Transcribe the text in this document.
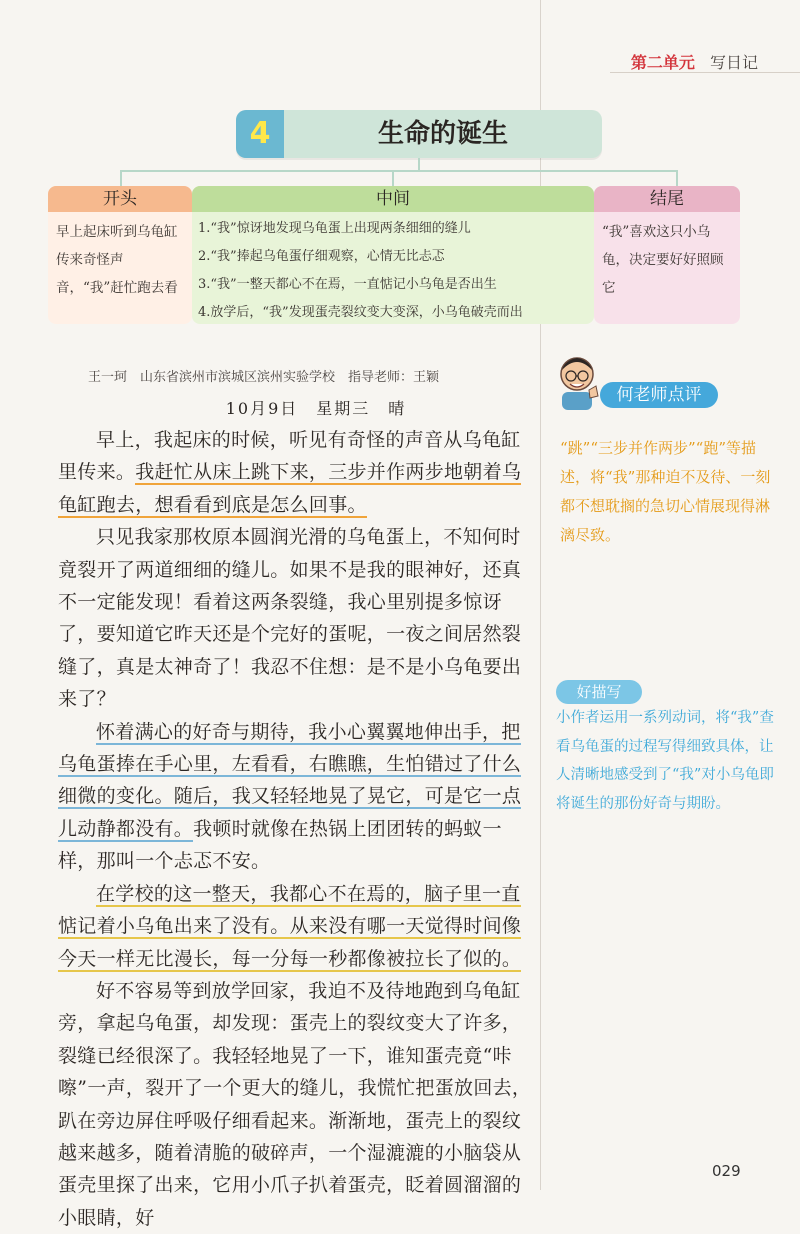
第二单元 写日记
4	生命的诞生
开头
早上起床听到乌龟缸传来奇怪声音，“我”赶忙跑去看
中间
1.“我”惊讶地发现乌龟蛋上出现两条细细的缝儿
2.“我”捧起乌龟蛋仔细观察，心情无比忐忑
3.“我”一整天都心不在焉，一直惦记小乌龟是否出生
4.放学后，“我”发现蛋壳裂纹变大变深，小乌龟破壳而出
结尾
“我”喜欢这只小乌龟，决定要好好照顾它
王一珂　山东省滨州市滨城区滨州实验学校　指导老师：王颖
10月9日　星期三　晴

早上，我起床的时候，听见有奇怪的声音从乌龟缸里传来。我赶忙从床上跳下来，三步并作两步地朝着乌龟缸跑去，想看看到底是怎么回事。

只见我家那枚原本圆润光滑的乌龟蛋上，不知何时竟裂开了两道细细的缝儿。如果不是我的眼神好，还真不一定能发现！看着这两条裂缝，我心里别提多惊讶了，要知道它昨天还是个完好的蛋呢，一夜之间居然裂缝了，真是太神奇了！我忍不住想：是不是小乌龟要出来了？

怀着满心的好奇与期待，我小心翼翼地伸出手，把乌龟蛋捧在手心里，左看看，右瞧瞧，生怕错过了什么细微的变化。随后，我又轻轻地晃了晃它，可是它一点儿动静都没有。我顿时就像在热锅上团团转的蚂蚁一样，那叫一个忐忑不安。

在学校的这一整天，我都心不在焉的，脑子里一直惦记着小乌龟出来了没有。从来没有哪一天觉得时间像今天一样无比漫长，每一分每一秒都像被拉长了似的。

好不容易等到放学回家，我迫不及待地跑到乌龟缸旁，拿起乌龟蛋，却发现：蛋壳上的裂纹变大了许多，裂缝已经很深了。我轻轻地晃了一下，谁知蛋壳竟“咔嚓”一声，裂开了一个更大的缝儿，我慌忙把蛋放回去，趴在旁边屏住呼吸仔细看起来。渐渐地，蛋壳上的裂纹越来越多，随着清脆的破碎声，一个湿漉漉的小脑袋从蛋壳里探了出来，它用小爪子扒着蛋壳，眨着圆溜溜的小眼睛，好

何老师点评
“跳”“三步并作两步”“跑”等描述，将“我”那种迫不及待、一刻都不想耽搁的急切心情展现得淋漓尽致。
好描写
小作者运用一系列动词，将“我”查看乌龟蛋的过程写得细致具体，让人清晰地感受到了“我”对小乌龟即将诞生的那份好奇与期盼。
029
